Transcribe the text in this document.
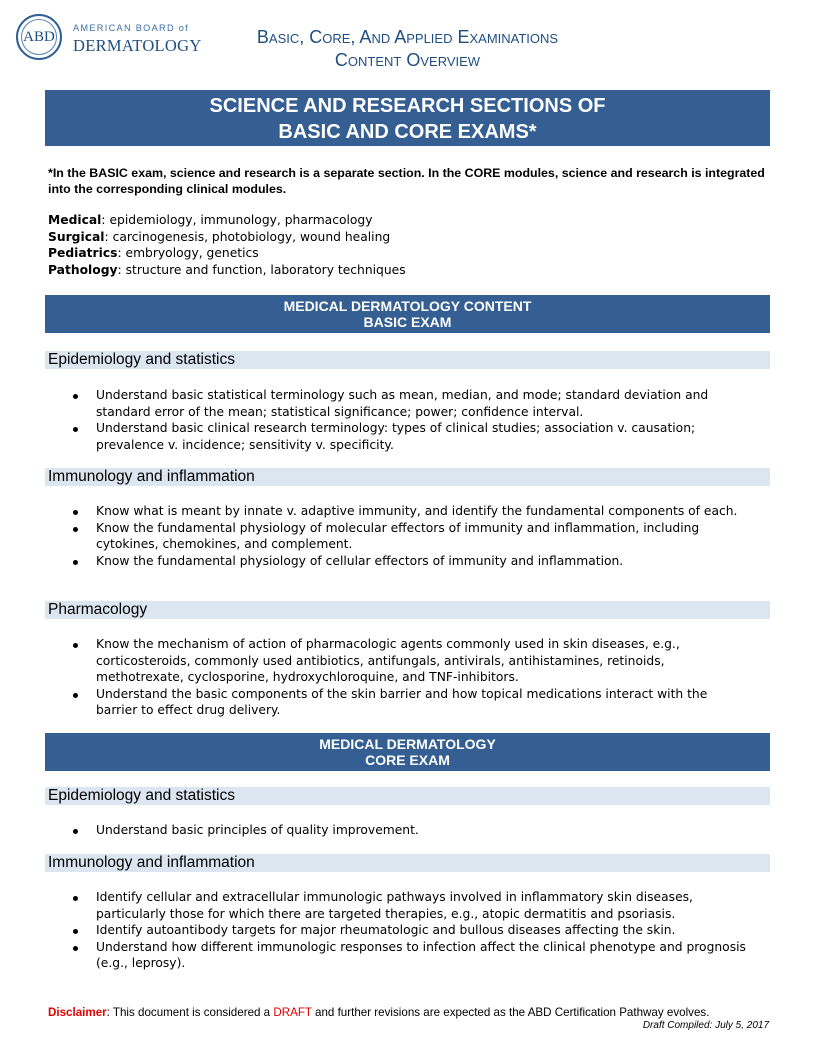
ABD
AMERICAN BOARD of
DERMATOLOGY	Basic, Core, And Applied Examinations
Content Overview
SCIENCE AND RESEARCH SECTIONS OF
BASIC AND CORE EXAMS*
*In the BASIC exam, science and research is a separate section. In the CORE modules, science and research is integrated into the corresponding clinical modules.
Medical: epidemiology, immunology, pharmacology
Surgical: carcinogenesis, photobiology, wound healing
Pediatrics: embryology, genetics
Pathology: structure and function, laboratory techniques
MEDICAL DERMATOLOGY CONTENT
BASIC EXAM
Epidemiology and statistics
Understand basic statistical terminology such as mean, median, and mode; standard deviation and standard error of the mean; statistical significance; power; confidence interval.
Understand basic clinical research terminology: types of clinical studies; association v. causation; prevalence v. incidence; sensitivity v. specificity.
Immunology and inflammation
Know what is meant by innate v. adaptive immunity, and identify the fundamental components of each.
Know the fundamental physiology of molecular effectors of immunity and inflammation, including cytokines, chemokines, and complement.
Know the fundamental physiology of cellular effectors of immunity and inflammation.
Pharmacology
Know the mechanism of action of pharmacologic agents commonly used in skin diseases, e.g., corticosteroids, commonly used antibiotics, antifungals, antivirals, antihistamines, retinoids, methotrexate, cyclosporine, hydroxychloroquine, and TNF-inhibitors.
Understand the basic components of the skin barrier and how topical medications interact with the barrier to effect drug delivery.
MEDICAL DERMATOLOGY
CORE EXAM
Epidemiology and statistics
Understand basic principles of quality improvement.
Immunology and inflammation
Identify cellular and extracellular immunologic pathways involved in inflammatory skin diseases, particularly those for which there are targeted therapies, e.g., atopic dermatitis and psoriasis.
Identify autoantibody targets for major rheumatologic and bullous diseases affecting the skin.
Understand how different immunologic responses to infection affect the clinical phenotype and prognosis (e.g., leprosy).
Disclaimer: This document is considered a DRAFT and further revisions are expected as the ABD Certification Pathway evolves.
Draft Compiled: July 5, 2017
